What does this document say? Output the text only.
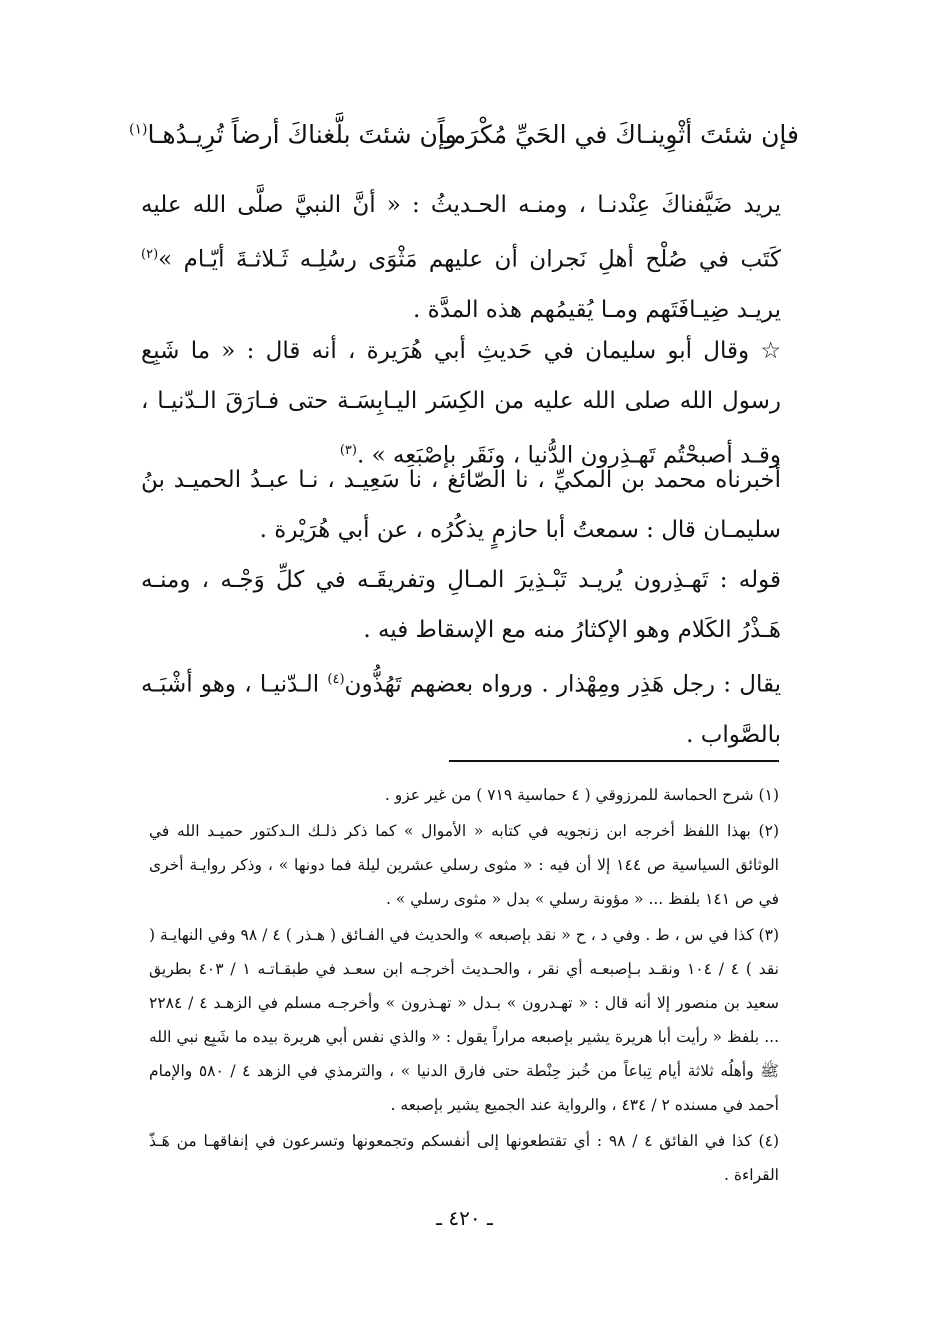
فإن شئتَ أثْوِينـاكَ في الحَيِّ مُكْرَمـاً
وإن شئتَ بلَّغناكَ أرضاً تُرِيـدُهـا$^{(١)}$
يريد ضَيَّفناكَ عِنْدنـا ، ومنـه الحـديثُ : « أنَّ النبيَّ صلَّى الله عليه كَتَب في صُلْح أهلِ نَجران أن عليهم مَثْوَى رسُلِـه ثَـلاثـةَ أيّـام »$^{(٢)}$ يريـد ضِيـافَتَهم ومـا يُقيمُهم هذه المدَّة .
☆ وقال أبو سليمان في حَديثِ أبي هُرَيرة ، أنه قال : « ما شَبِع رسول الله صلى الله عليه من الكِسَر اليـابِسَـة حتى فـارَقَ الـدّنيـا ، وقـد أصبحْتُم تَهـذِرون الدُّنيا ، ونَقَر بإصْبَعِه » .$^{(٣)}$
أخبرناه محمد بن المكيِّ ، نا الصّائغ ، نا سَعِيـد ، نـا عبـدُ الحميـد بنُ سليمـان قال : سمعتُ أبا حازمٍ يذكُرُه ، عن أبي هُرَيْرة .
قوله : تَهـذِرون يُريـد تَبْـذِيرَ المـالِ وتفريقَـه في كلِّ وَجْـه ، ومنـه هَـذْرُ الكَلام وهو الإكثارُ منه مع الإسقاط فيه .
يقال : رجل هَذِر ومِهْذار . ورواه بعضهم تَهُذُّون$^{(٤)}$ الـدّنيـا ، وهو أشْبَـه بالصَّواب .

(١) شرح الحماسة للمرزوقي ( ٤ حماسية ٧١٩ ) من غير عزو .

(٢) بهذا اللفظ أخرجه ابن زنجويه في كتابه « الأموال » كما ذكر ذلـك الـدكتور حميـد الله في الوثائق السياسية ص ١٤٤ إلا أن فيه : « مثوى رسلي عشرين ليلة فما دونها » ، وذكر روايـة أخرى في ص ١٤١ بلفظ ... « مؤونة رسلي » بدل « مثوى رسلي » .

(٣) كذا في س ، ط . وفي د ، ح « نقد بإصبعه » والحديث في الفـائق ( هـذر ) ٤ / ٩٨ وفي النهايـة ( نقد ) ٤ / ١٠٤ ونقـد بـإصبعـه أي نقر ، والحـديث أخرجـه ابن سعـد في طبقـاتـه ١ / ٤٠٣ بطريق سعيد بن منصور إلا أنه قال : « تهـدرون » بـدل « تهـذرون » وأخرجـه مسلم في الزهـد ٤ / ٢٢٨٤ ... بلفظ « رأيت أبا هريرة يشير بإصبعه مراراً يقول : « والذي نفس أبي هريرة بيده ما شَبِع نبي الله ﷺ وأهلُه ثلاثة أيام تِباعاً من خُبز حِنْطة حتى فارق الدنيا » ، والترمذي في الزهد ٤ / ٥٨٠ والإمام أحمد في مسنده ٢ / ٤٣٤ ، والرواية عند الجميع يشير بإصبعه .

(٤) كذا في الفائق ٤ / ٩٨ : أي تقتطعونها إلى أنفسكم وتجمعونها وتسرعون في إنفاقهـا من هَـذّ القراءة .

ـ ٤٢٠ ـ
